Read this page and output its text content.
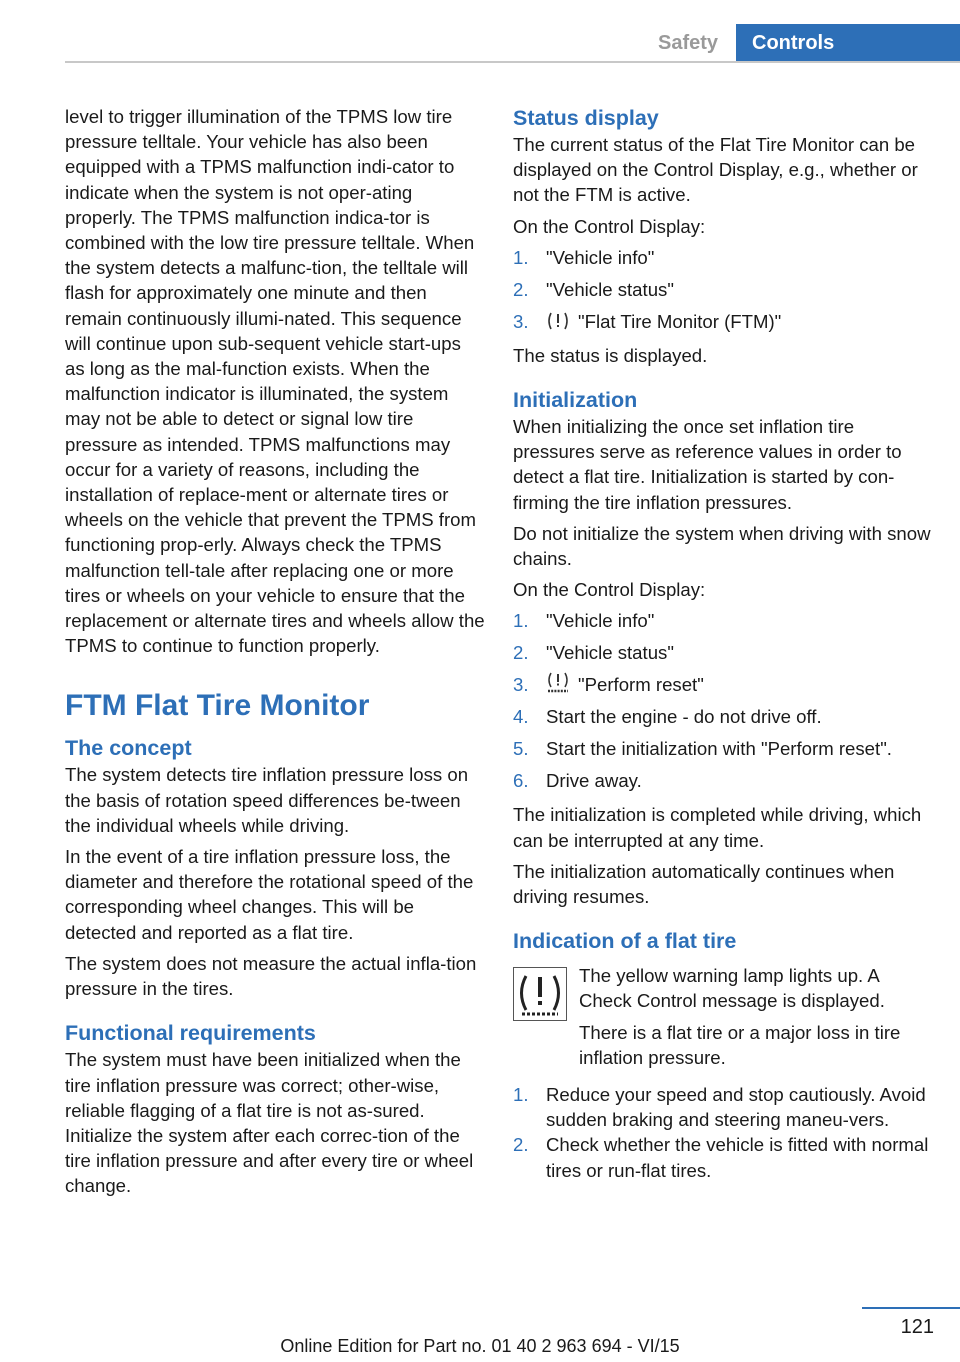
Safety	Controls

level to trigger illumination of the TPMS low tire pressure telltale. Your vehicle has also been equipped with a TPMS malfunction indi-cator to indicate when the system is not oper-ating properly. The TPMS malfunction indica-tor is combined with the low tire pressure telltale. When the system detects a malfunc-tion, the telltale will flash for approximately one minute and then remain continuously illumi-nated. This sequence will continue upon sub-sequent vehicle start-ups as long as the mal-function exists. When the malfunction indicator is illuminated, the system may not be able to detect or signal low tire pressure as intended. TPMS malfunctions may occur for a variety of reasons, including the installation of replace-ment or alternate tires or wheels on the vehicle that prevent the TPMS from functioning prop-erly. Always check the TPMS malfunction tell-tale after replacing one or more tires or wheels on your vehicle to ensure that the replacement or alternate tires and wheels allow the TPMS to continue to function properly.

FTM Flat Tire Monitor
The concept

The system detects tire inflation pressure loss on the basis of rotation speed differences be-tween the individual wheels while driving.

In the event of a tire inflation pressure loss, the diameter and therefore the rotational speed of the corresponding wheel changes. This will be detected and reported as a flat tire.

The system does not measure the actual infla-tion pressure in the tires.

Functional requirements

The system must have been initialized when the tire inflation pressure was correct; other-wise, reliable flagging of a flat tire is not as-sured. Initialize the system after each correc-tion of the tire inflation pressure and after every tire or wheel change.

Status display

The current status of the Flat Tire Monitor can be displayed on the Control Display, e.g., whether or not the FTM is active.

On the Control Display:

1. "Vehicle info"
2. "Vehicle status"
3.	"Flat Tire Monitor (FTM)"

The status is displayed.

Initialization

When initializing the once set inflation tire pressures serve as reference values in order to detect a flat tire. Initialization is started by con-firming the tire inflation pressures.

Do not initialize the system when driving with snow chains.

On the Control Display:

1. "Vehicle info"
2. "Vehicle status"
3.	"Perform reset"
4. Start the engine - do not drive off.
5. Start the initialization with "Perform reset".
6. Drive away.

The initialization is completed while driving, which can be interrupted at any time.

The initialization automatically continues when driving resumes.

Indication of a flat tire

The yellow warning lamp lights up. A Check Control message is displayed.

There is a flat tire or a major loss in tire inflation pressure.

1. Reduce your speed and stop cautiously. Avoid sudden braking and steering maneu-vers.
2. Check whether the vehicle is fitted with normal tires or run-flat tires.
121
Online Edition for Part no. 01 40 2 963 694 - VI/15
